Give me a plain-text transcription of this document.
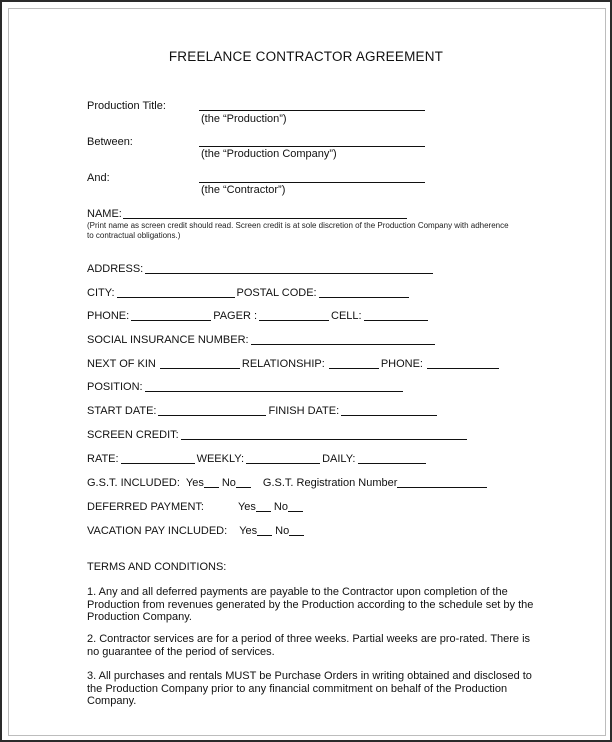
FREELANCE CONTRACTOR AGREEMENT
Production Title:
(the “Production”)
Between:
(the “Production Company”)
And:
(the “Contractor”)
NAME:
(Print name as screen credit should read. Screen credit is at sole discretion of the Production Company with adherence
to contractual obligations.)
ADDRESS:
CITY:	POSTAL CODE:
PHONE:	PAGER :	CELL:
SOCIAL INSURANCE NUMBER:
NEXT OF KIN	RELATIONSHIP:	PHONE:
POSITION:
START DATE:	FINISH DATE:
SCREEN CREDIT:
RATE:	WEEKLY:	DAILY:
G.S.T. INCLUDED: Yes No G.S.T. Registration Number
DEFERRED PAYMENT:	Yes No
VACATION PAY INCLUDED: Yes No
TERMS AND CONDITIONS:
1. Any and all deferred payments are payable to the Contractor upon completion of the Production from revenues generated by the Production according to the schedule set by the Production Company.
2. Contractor services are for a period of three weeks. Partial weeks are pro-rated. There is no guarantee of the period of services.
3. All purchases and rentals MUST be Purchase Orders in writing obtained and disclosed to the Production Company prior to any financial commitment on behalf of the Production Company.
